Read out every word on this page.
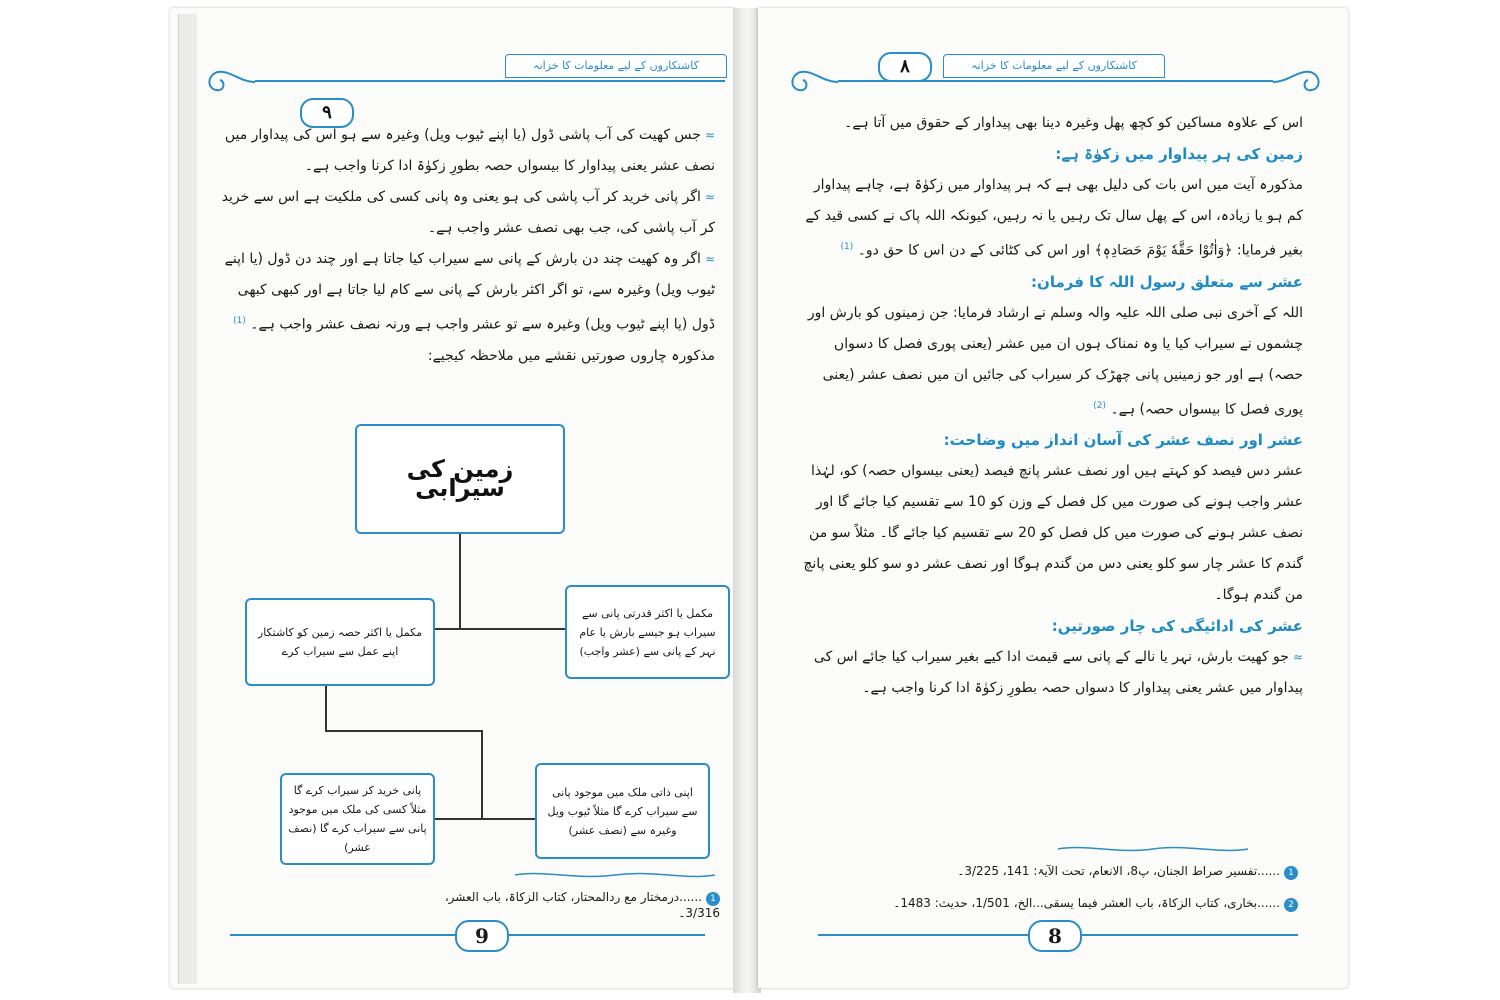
٩
کاشتکاروں کے لیے معلومات کا خزانہ

≈جس کھیت کی آب پاشی ڈول (یا اپنے ٹیوب ویل) وغیرہ سے ہو اس کی پیداوار میں نصف عشر یعنی پیداوار کا بیسواں حصہ بطورِ زکوٰۃ ادا کرنا واجب ہے۔

≈اگر پانی خرید کر آب پاشی کی ہو یعنی وہ پانی کسی کی ملکیت ہے اس سے خرید کر آب پاشی کی، جب بھی نصف عشر واجب ہے۔

≈اگر وہ کھیت چند دن بارش کے پانی سے سیراب کیا جاتا ہے اور چند دن ڈول (یا اپنے ٹیوب ویل) وغیرہ سے، تو اگر اکثر بارش کے پانی سے کام لیا جاتا ہے اور کبھی کبھی ڈول (یا اپنے ٹیوب ویل) وغیرہ سے تو عشر واجب ہے ورنہ نصف عشر واجب ہے۔ $^{(1)}$

مذکورہ چاروں صورتیں نقشے میں ملاحظہ کیجیے:

زمین کی سیرابی
مکمل یا اکثر قدرتی پانی سے سیراب ہو جیسے بارش یا عام نہر کے پانی سے (عشر واجب)
مکمل یا اکثر حصہ زمین کو کاشتکار اپنے عمل سے سیراب کرے
اپنی ذاتی ملک میں موجود پانی سے سیراب کرے گا مثلاً ٹیوب ویل وغیرہ سے (نصف عشر)
پانی خرید کر سیراب کرے گا مثلاً کسی کی ملک میں موجود پانی سے سیراب کرے گا (نصف عشر)
1......درمختار مع ردالمحتار، کتاب الزکاۃ، باب العشر، 3/316۔
9
٨	کاشتکاروں کے لیے معلومات کا خزانہ

اس کے علاوہ مساکین کو کچھ پھل وغیرہ دینا بھی پیداوار کے حقوق میں آتا ہے۔

زمین کی ہر پیداوار میں زکوٰۃ ہے:

مذکورہ آیت میں اس بات کی دلیل بھی ہے کہ ہر پیداوار میں زکوٰۃ ہے، چاہے پیداوار کم ہو یا زیادہ، اس کے پھل سال تک رہیں یا نہ رہیں، کیونکہ اللہ پاک نے کسی قید کے بغیر فرمایا: ﴿وَاٰتُوْا حَقَّهٗ یَوْمَ حَصَادِهٖ﴾ اور اس کی کٹائی کے دن اس کا حق دو۔ $^{(1)}$

عشر سے متعلق رسول اللہ کا فرمان:

اللہ کے آخری نبی صلی اللہ علیہ والہ وسلم نے ارشاد فرمایا: جن زمینوں کو بارش اور چشموں نے سیراب کیا یا وہ نمناک ہوں ان میں عشر (یعنی پوری فصل کا دسواں حصہ) ہے اور جو زمینیں پانی چھڑک کر سیراب کی جائیں ان میں نصف عشر (یعنی پوری فصل کا بیسواں حصہ) ہے۔ $^{(2)}$

عشر اور نصف عشر کی آسان انداز میں وضاحت:

عشر دس فیصد کو کہتے ہیں اور نصف عشر پانچ فیصد (یعنی بیسواں حصہ) کو، لہٰذا عشر واجب ہونے کی صورت میں کل فصل کے وزن کو 10 سے تقسیم کیا جائے گا اور نصف عشر ہونے کی صورت میں کل فصل کو 20 سے تقسیم کیا جائے گا۔ مثلاً سو من گندم کا عشر چار سو کلو یعنی دس من گندم ہوگا اور نصف عشر دو سو کلو یعنی پانچ من گندم ہوگا۔

عشر کی ادائیگی کی چار صورتیں:

≈جو کھیت بارش، نہر یا نالے کے پانی سے قیمت ادا کیے بغیر سیراب کیا جائے اس کی پیداوار میں عشر یعنی پیداوار کا دسواں حصہ بطورِ زکوٰۃ ادا کرنا واجب ہے۔

1......تفسیر صراط الجنان، پ8، الانعام، تحت الآیۃ: 141، 3/225۔
2......بخاری، کتاب الزکاۃ، باب العشر فیما یسقی...الخ، 1/501، حدیث: 1483۔
8
